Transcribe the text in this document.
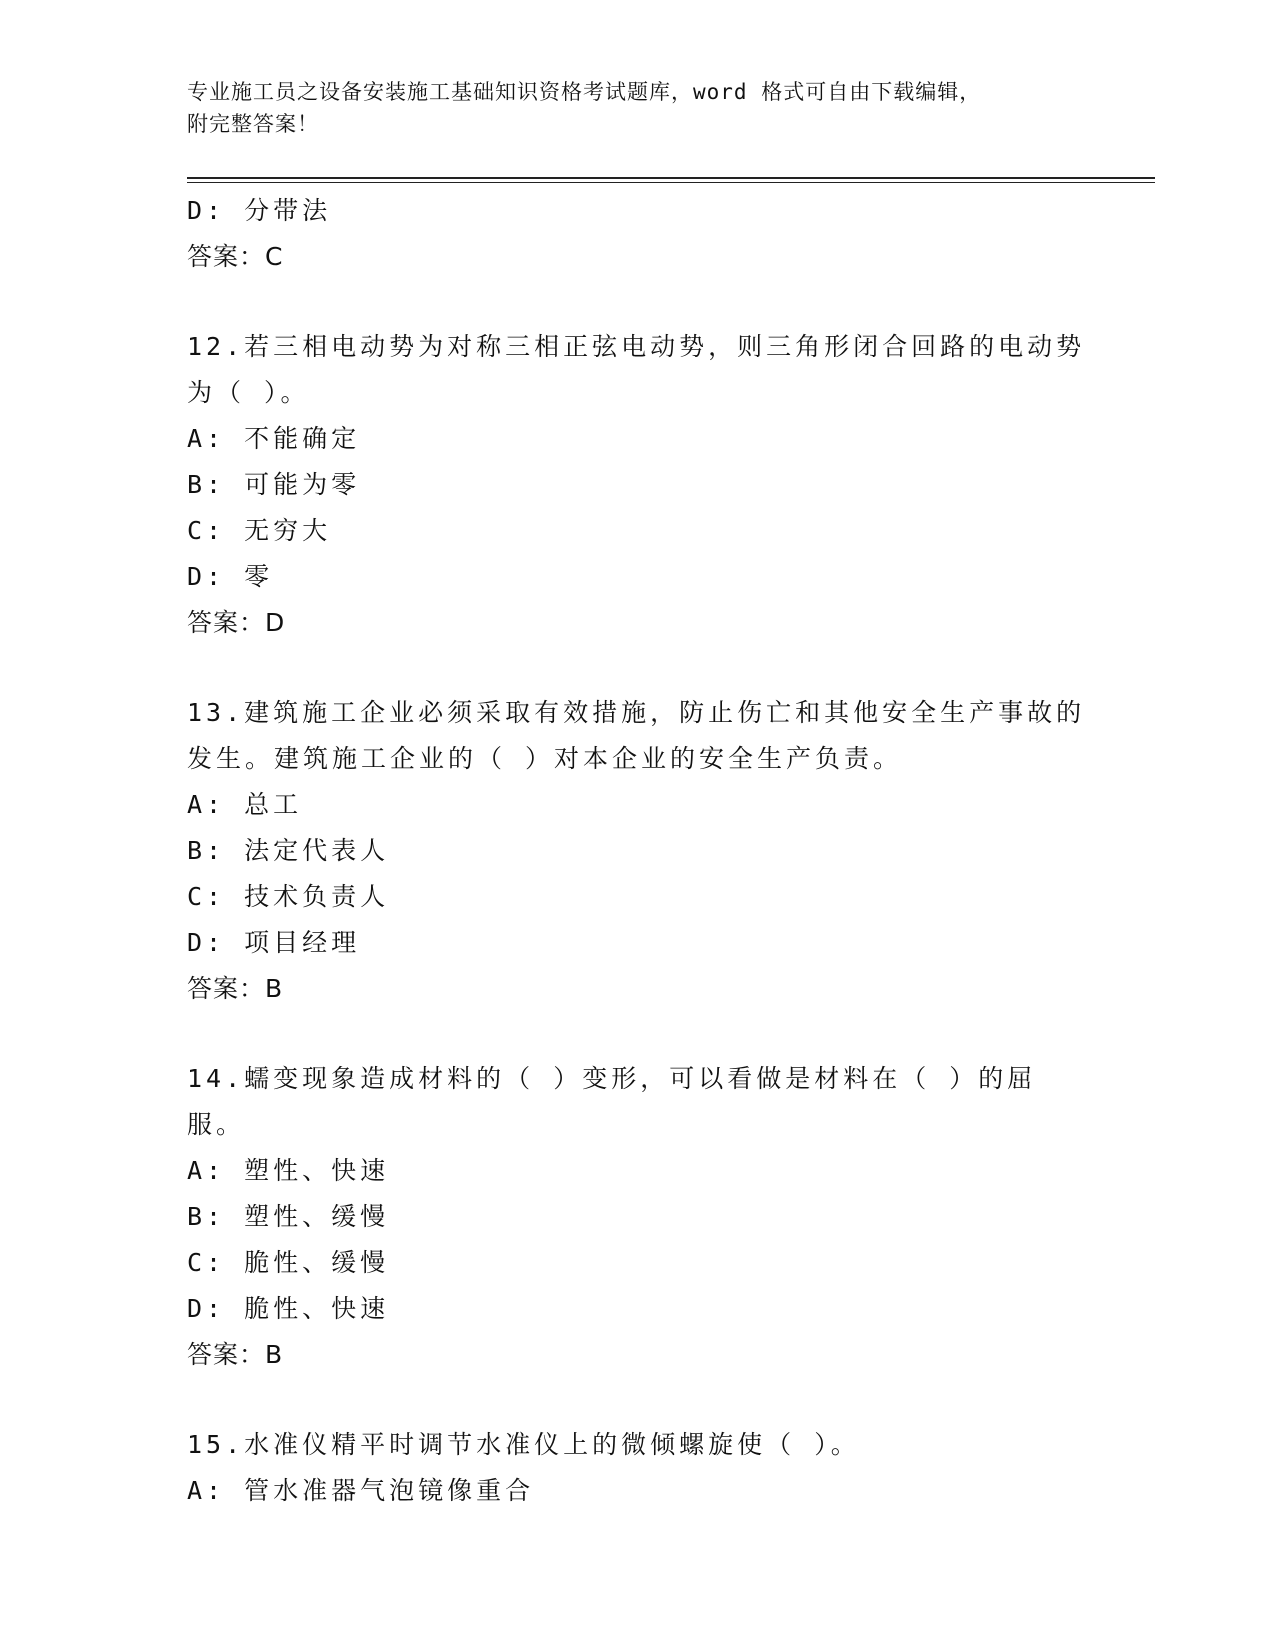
专业施工员之设备安装施工基础知识资格考试题库，word 格式可自由下载编辑，
附完整答案！
D: 分带法
答案：C
12.若三相电动势为对称三相正弦电动势，则三角形闭合回路的电动势
为（ ）。
A: 不能确定
B: 可能为零
C: 无穷大
D: 零
答案：D
13.建筑施工企业必须采取有效措施，防止伤亡和其他安全生产事故的
发生。建筑施工企业的（ ）对本企业的安全生产负责。
A: 总工
B: 法定代表人
C: 技术负责人
D: 项目经理
答案：B
14.蠕变现象造成材料的（ ）变形，可以看做是材料在（ ）的屈服。
A: 塑性、快速
B: 塑性、缓慢
C: 脆性、缓慢
D: 脆性、快速
答案：B
15.水准仪精平时调节水准仪上的微倾螺旋使（ ）。
A: 管水准器气泡镜像重合
